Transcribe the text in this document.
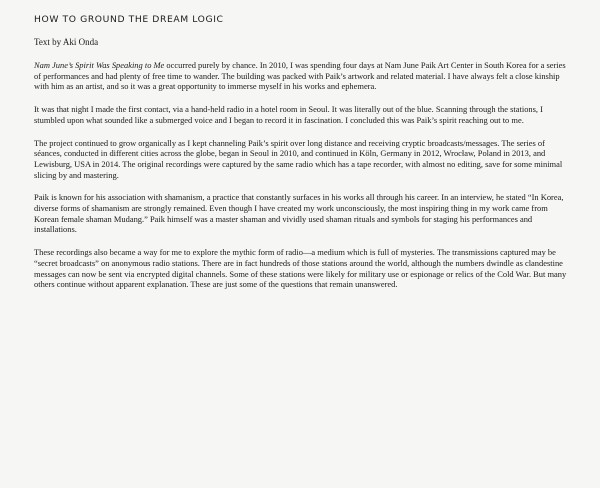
HOW TO GROUND THE DREAM LOGIC

Text by Aki Onda

Nam June’s Spirit Was Speaking to Me occurred purely by chance. In 2010, I was spending four days at Nam June Paik Art Center in South Korea for a series of performances and had plenty of free time to wander. The building was packed with Paik’s artwork and related material. I have always felt a close kinship with him as an artist, and so it was a great opportunity to immerse myself in his works and ephemera.

It was that night I made the first contact, via a hand-held radio in a hotel room in Seoul. It was literally out of the blue. Scanning through the stations, I stumbled upon what sounded like a submerged voice and I began to record it in fascination. I concluded this was Paik’s spirit reaching out to me.

The project continued to grow organically as I kept channeling Paik’s spirit over long distance and receiving cryptic broadcasts/messages. The series of séances, conducted in different cities across the globe, began in Seoul in 2010, and continued in Köln, Germany in 2012, Wrocław, Poland in 2013, and Lewisburg, USA in 2014. The original recordings were captured by the same radio which has a tape recorder, with almost no editing, save for some minimal slicing by and mastering.

Paik is known for his association with shamanism, a practice that constantly surfaces in his works all through his career. In an interview, he stated “In Korea, diverse forms of shamanism are strongly remained. Even though I have created my work unconsciously, the most inspiring thing in my work came from Korean female shaman Mudang.” Paik himself was a master shaman and vividly used shaman rituals and symbols for staging his performances and installations.

These recordings also became a way for me to explore the mythic form of radio—a medium which is full of mysteries. The transmissions captured may be “secret broadcasts” on anonymous radio stations. There are in fact hundreds of those stations around the world, although the numbers dwindle as clandestine messages can now be sent via encrypted digital channels. Some of these stations were likely for military use or espionage or relics of the Cold War. But many others continue without apparent explanation. These are just some of the questions that remain unanswered.
